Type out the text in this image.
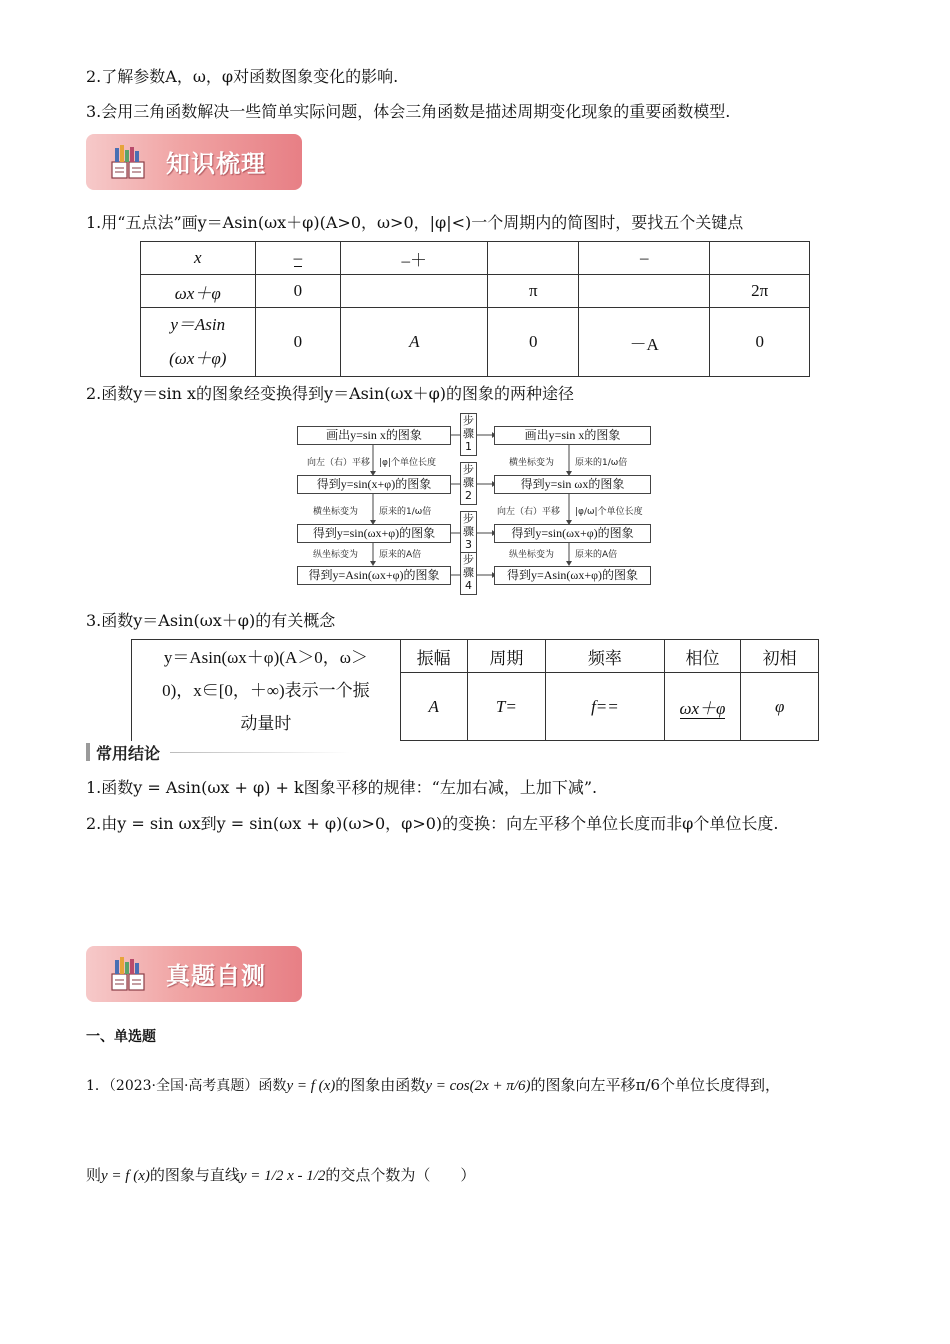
2.了解参数A，ω，φ对函数图象变化的影响.
3.会用三角函数解决一些简单实际问题，体会三角函数是描述周期变化现象的重要函数模型.
知识梳理
1.用“五点法”画y＝Asin(ωx＋φ)(A>0，ω>0，|φ|<)一个周期内的简图时，要找五个关键点
x	–	–＋		–	
ωx＋φ	0		π		2π

y＝Asin
(ωx＋φ)	0	A	0	－A	0
2.函数y＝sin x的图象经变换得到y＝Asin(ωx＋φ)的图象的两种途径
画出y=sin x的图象
得到y=sin(x+φ)的图象
得到y=sin(ωx+φ)的图象
得到y=Asin(ωx+φ)的图象
画出y=sin x的图象
得到y=sin ωx的图象
得到y=sin(ωx+φ)的图象
得到y=Asin(ωx+φ)的图象
步骤1
步骤2
步骤3
步骤4
向左（右）平移 |φ|个单位长度
横坐标变为 原来的1/ω倍
纵坐标变为 原来的A倍
横坐标变为 原来的1/ω倍
向左（右）平移 |φ/ω|个单位长度
纵坐标变为 原来的A倍
3.函数y＝Asin(ωx＋φ)的有关概念
y＝Asin(ωx＋φ)(A＞0，ω＞
0)，x∈[0，＋∞)表示一个振
动量时	振幅	周期	频率	相位	初相
	A	T=	f==	ωx＋φ	φ
常用结论
1.函数y = Asin(ωx + φ) + k图象平移的规律：“左加右减，上加下减”.
2.由y = sin ωx到y = sin(ωx + φ)(ω>0，φ>0)的变换：向左平移个单位长度而非φ个单位长度.
真题自测
一、单选题
1．（2023·全国·高考真题）函数y = f (x)的图象由函数y = cos(2x + π/6)的图象向左平移π/6个单位长度得到，
则y = f (x)的图象与直线y = 1/2 x - 1/2的交点个数为（　　）
